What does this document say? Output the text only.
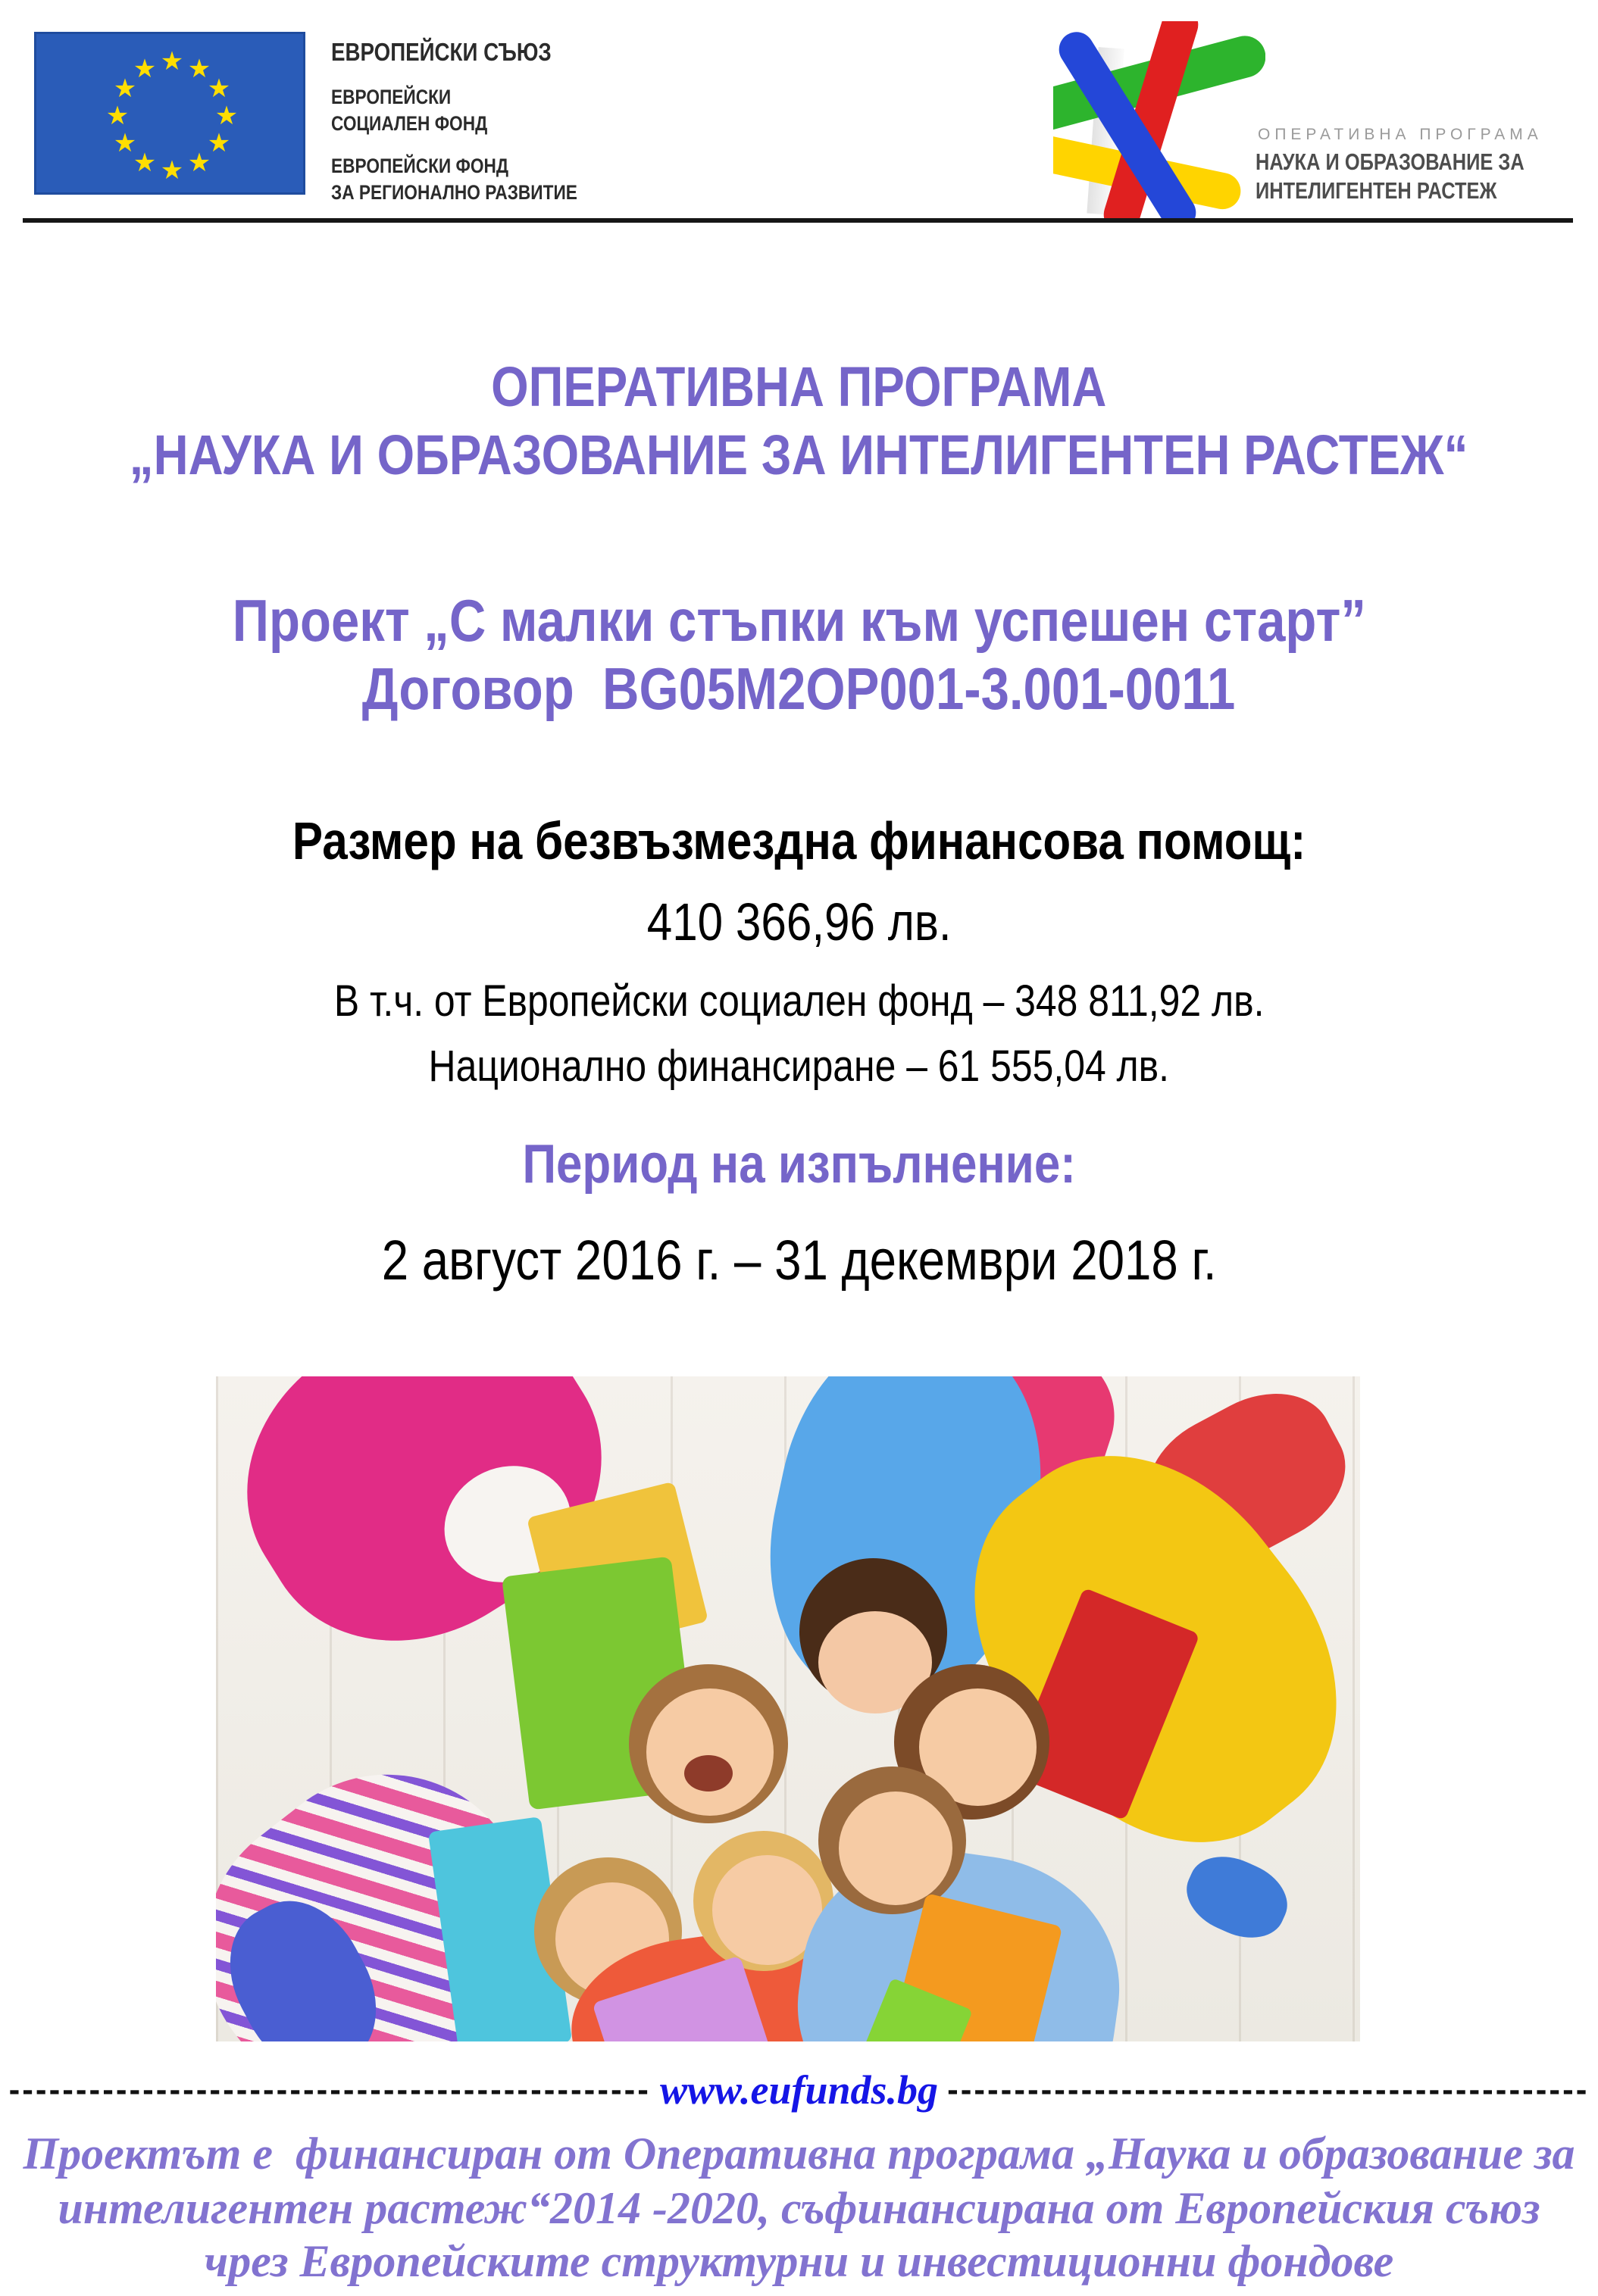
★ ★
★
★
★
★
★
★
★
★
★
★
ЕВРОПЕЙСКИ СЪЮЗ
ЕВРОПЕЙСКИ
СОЦИАЛЕН ФОНД
ЕВРОПЕЙСКИ ФОНД
ЗА РЕГИОНАЛНО РАЗВИТИЕ
ОПЕРАТИВНА ПРОГРАМА
НАУКА И ОБРАЗОВАНИЕ ЗА
ИНТЕЛИГЕНТЕН РАСТЕЖ
ОПЕРАТИВНА ПРОГРАМА
„НАУКА И ОБРАЗОВАНИЕ ЗА ИНТЕЛИГЕНТЕН РАСТЕЖ“
Проект „С малки стъпки към успешен старт”
Договор  BG05M2OP001-3.001-0011
Размер на безвъзмездна финансова помощ:
410 366,96 лв.
В т.ч. от Европейски социален фонд – 348 811,92 лв.
Национално финансиране – 61 555,04 лв.
Период на изпълнение:
2 август 2016 г. – 31 декември 2018 г.
------------------------------------------------ www.eufunds.bg ------------------------------------------------
Проектът е  финансиран от Оперативна програма „Наука и образование за
интелигентен растеж“2014 -2020, съфинансирана от Европейския съюз
чрез Европейските структурни и инвестиционни фондове
